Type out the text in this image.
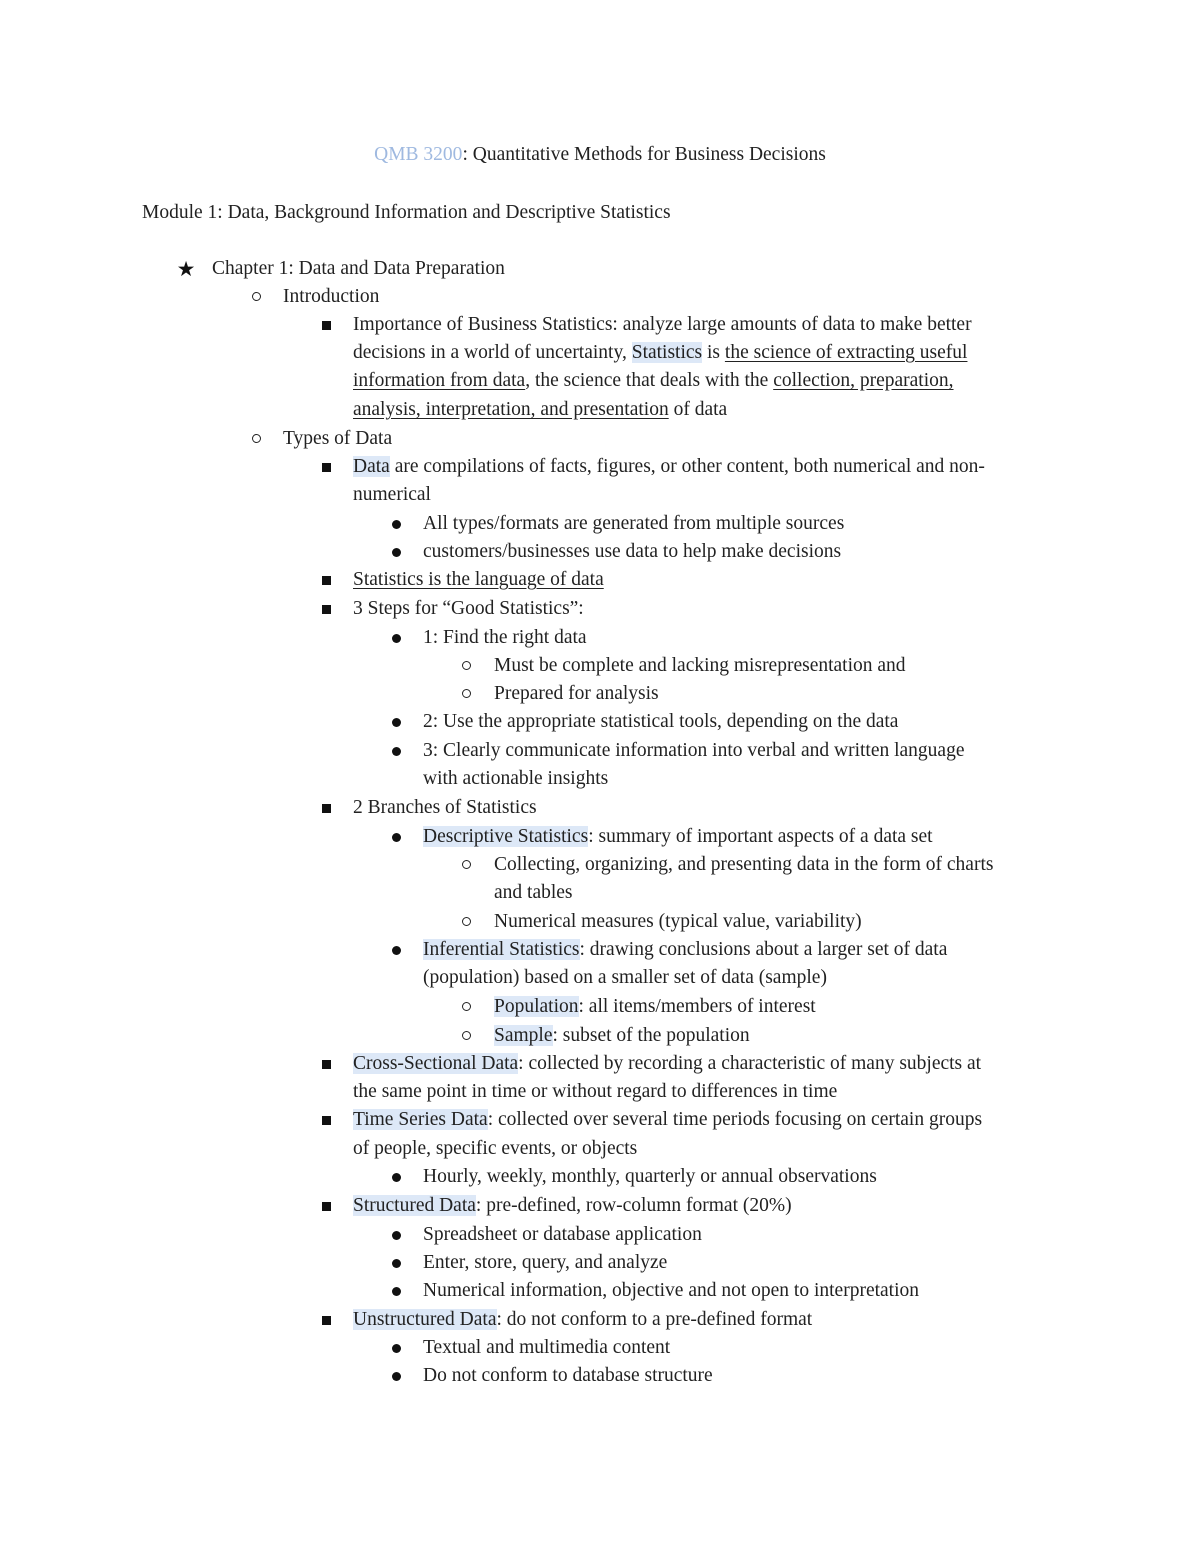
QMB 3200: Quantitative Methods for Business Decisions
Module 1: Data, Background Information and Descriptive Statistics
★ Chapter 1: Data and Data Preparation
Introduction
Importance of Business Statistics: analyze large amounts of data to make better
decisions in a world of uncertainty, Statistics is the science of extracting useful
information from data, the science that deals with the collection, preparation,
analysis, interpretation, and presentation of data
Types of Data
Data are compilations of facts, figures, or other content, both numerical and non-
numerical
All types/formats are generated from multiple sources
customers/businesses use data to help make decisions
Statistics is the language of data
3 Steps for “Good Statistics”:
1: Find the right data
Must be complete and lacking misrepresentation and
Prepared for analysis
2: Use the appropriate statistical tools, depending on the data
3: Clearly communicate information into verbal and written language
with actionable insights
2 Branches of Statistics
Descriptive Statistics: summary of important aspects of a data set
Collecting, organizing, and presenting data in the form of charts
and tables
Numerical measures (typical value, variability)
Inferential Statistics: drawing conclusions about a larger set of data
(population) based on a smaller set of data (sample)
Population: all items/members of interest
Sample: subset of the population
Cross-Sectional Data: collected by recording a characteristic of many subjects at
the same point in time or without regard to differences in time
Time Series Data: collected over several time periods focusing on certain groups
of people, specific events, or objects
Hourly, weekly, monthly, quarterly or annual observations
Structured Data: pre-defined, row-column format (20%)
Spreadsheet or database application
Enter, store, query, and analyze
Numerical information, objective and not open to interpretation
Unstructured Data: do not conform to a pre-defined format
Textual and multimedia content
Do not conform to database structure
